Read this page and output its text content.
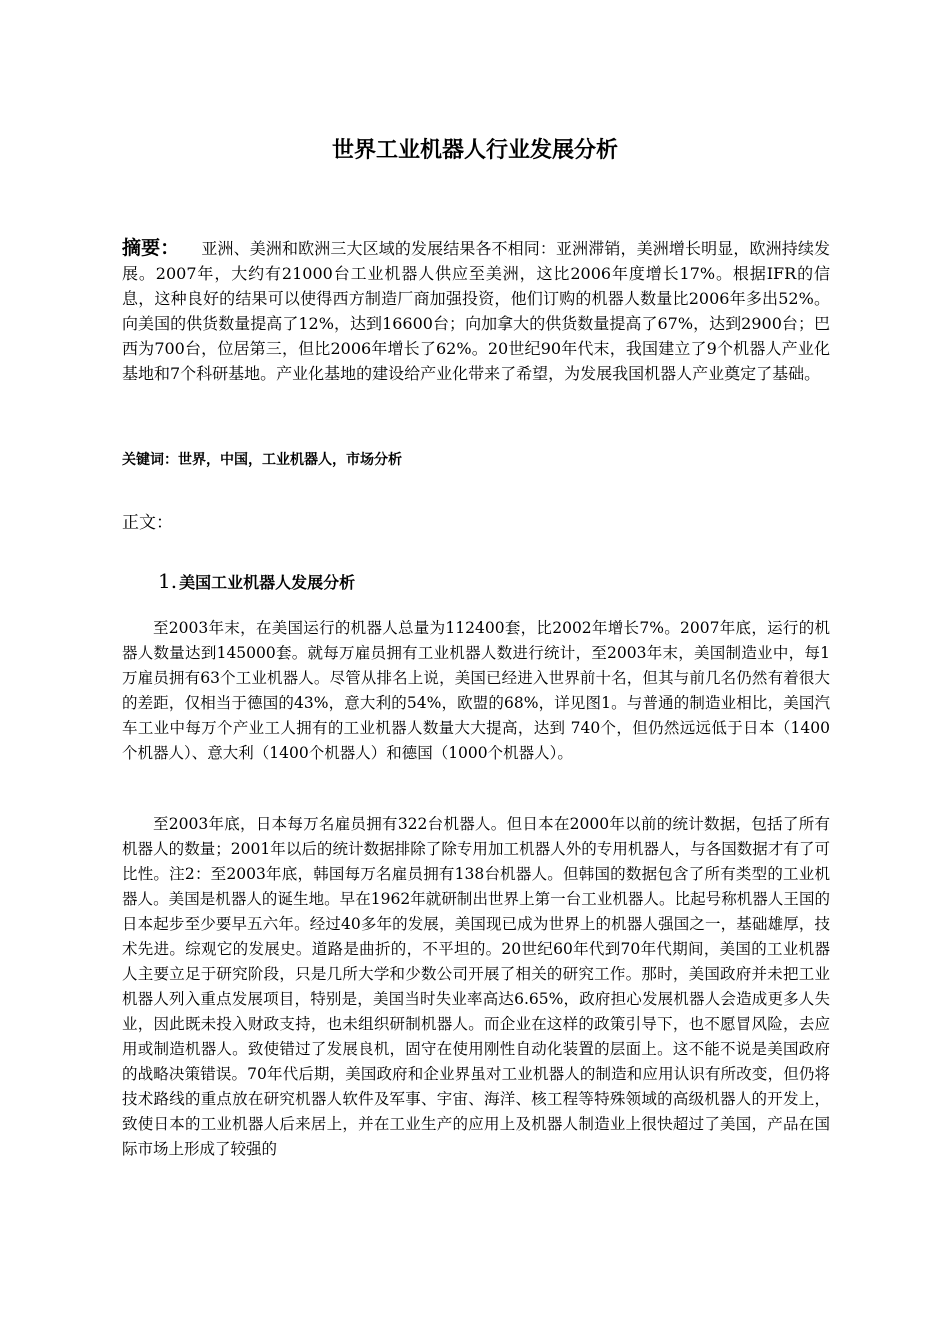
世界工业机器人行业发展分析
摘要： 亚洲、美洲和欧洲三大区域的发展结果各不相同：亚洲滞销，美洲增长明显，欧洲持续发展。2007年，大约有21000台工业机器人供应至美洲，这比2006年度增长17%。根据IFR的信息，这种良好的结果可以使得西方制造厂商加强投资，他们订购的机器人数量比2006年多出52%。向美国的供货数量提高了12%，达到16600台；向加拿大的供货数量提高了67%，达到2900台；巴西为700台，位居第三，但比2006年增长了62%。20世纪90年代末，我国建立了9个机器人产业化基地和7个科研基地。产业化基地的建设给产业化带来了希望，为发展我国机器人产业奠定了基础。
关键词：世界，中国，工业机器人，市场分析
正文：
1. 美国工业机器人发展分析
至2003年末，在美国运行的机器人总量为112400套，比2002年增长7%。2007年底，运行的机器人数量达到145000套。就每万雇员拥有工业机器人数进行统计，至2003年末，美国制造业中，每1万雇员拥有63个工业机器人。尽管从排名上说，美国已经进入世界前十名，但其与前几名仍然有着很大的差距，仅相当于德国的43%，意大利的54%，欧盟的68%，详见图1。与普通的制造业相比，美国汽车工业中每万个产业工人拥有的工业机器人数量大大提高，达到 740个，但仍然远远低于日本（1400个机器人）、意大利（1400个机器人）和德国（1000个机器人）。
至2003年底，日本每万名雇员拥有322台机器人。但日本在2000年以前的统计数据，包括了所有机器人的数量；2001年以后的统计数据排除了除专用加工机器人外的专用机器人，与各国数据才有了可比性。注2：至2003年底，韩国每万名雇员拥有138台机器人。但韩国的数据包含了所有类型的工业机器人。美国是机器人的诞生地。早在1962年就研制出世界上第一台工业机器人。比起号称机器人王国的日本起步至少要早五六年。经过40多年的发展，美国现已成为世界上的机器人强国之一，基础雄厚，技术先进。综观它的发展史。道路是曲折的，不平坦的。20世纪60年代到70年代期间，美国的工业机器人主要立足于研究阶段，只是几所大学和少数公司开展了相关的研究工作。那时，美国政府并未把工业机器人列入重点发展项目，特别是，美国当时失业率高达6.65%，政府担心发展机器人会造成更多人失业，因此既未投入财政支持，也未组织研制机器人。而企业在这样的政策引导下，也不愿冒风险，去应用或制造机器人。致使错过了发展良机，固守在使用刚性自动化装置的层面上。这不能不说是美国政府的战略决策错误。70年代后期，美国政府和企业界虽对工业机器人的制造和应用认识有所改变，但仍将技术路线的重点放在研究机器人软件及军事、宇宙、海洋、核工程等特殊领域的高级机器人的开发上，致使日本的工业机器人后来居上，并在工业生产的应用上及机器人制造业上很快超过了美国，产品在国际市场上形成了较强的
